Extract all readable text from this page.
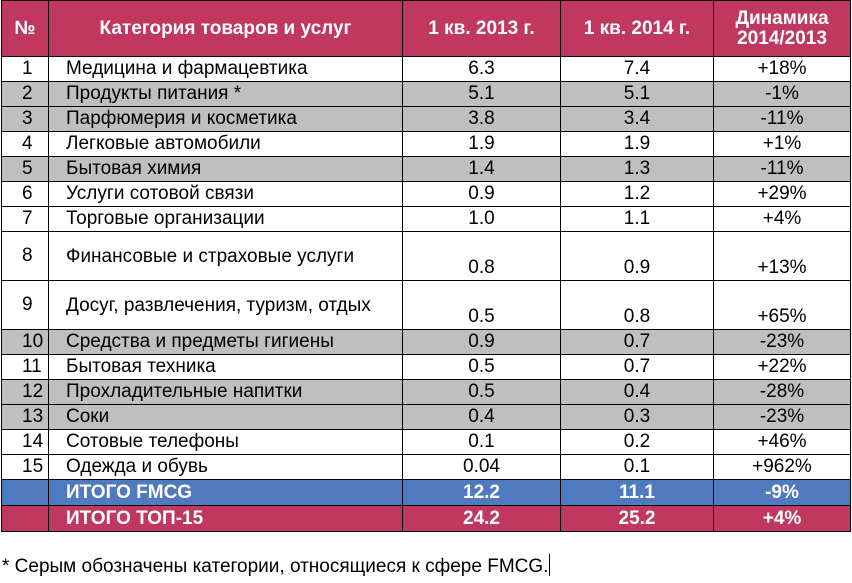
№	Категория товаров и услуг	1 кв. 2013 г.	1 кв. 2014 г.	Динамика 2014/2013
1	Медицина и фармацевтика	6.3	7.4	+18%
2	Продукты питания *	5.1	5.1	-1%
3	Парфюмерия и косметика	3.8	3.4	-11%
4	Легковые автомобили	1.9	1.9	+1%
5	Бытовая химия	1.4	1.3	-11%
6	Услуги сотовой связи	0.9	1.2	+29%
7	Торговые организации	1.0	1.1	+4%
8	Финансовые и страховые услуги	0.8	0.9	+13%
9	Досуг, развлечения, туризм, отдых	0.5	0.8	+65%
10	Средства и предметы гигиены	0.9	0.7	-23%
11	Бытовая техника	0.5	0.7	+22%
12	Прохладительные напитки	0.5	0.4	-28%
13	Соки	0.4	0.3	-23%
14	Сотовые телефоны	0.1	0.2	+46%
15	Одежда и обувь	0.04	0.1	+962%
	ИТОГО FMCG	12.2	11.1	-9%
	ИТОГО ТОП-15	24.2	25.2	+4%
* Серым обозначены категории, относящиеся к сфере FMCG.
